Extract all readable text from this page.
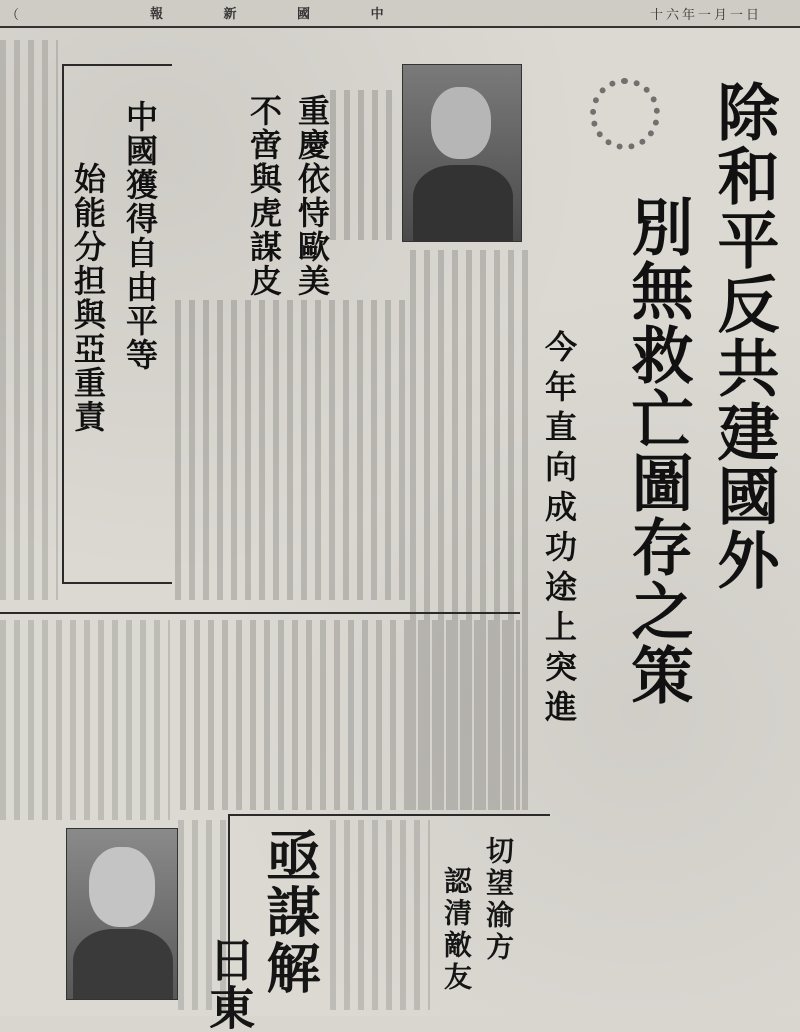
（	報 新 國 中	十六年一月一日
除和平反共建國外
別無救亡圖存之策
今年直向成功途上突進
重慶依恃歐美
不啻與虎謀皮
中國獲得自由平等
始能分担與亞重責
切望渝方
認清敵友
亟謀解
日東
